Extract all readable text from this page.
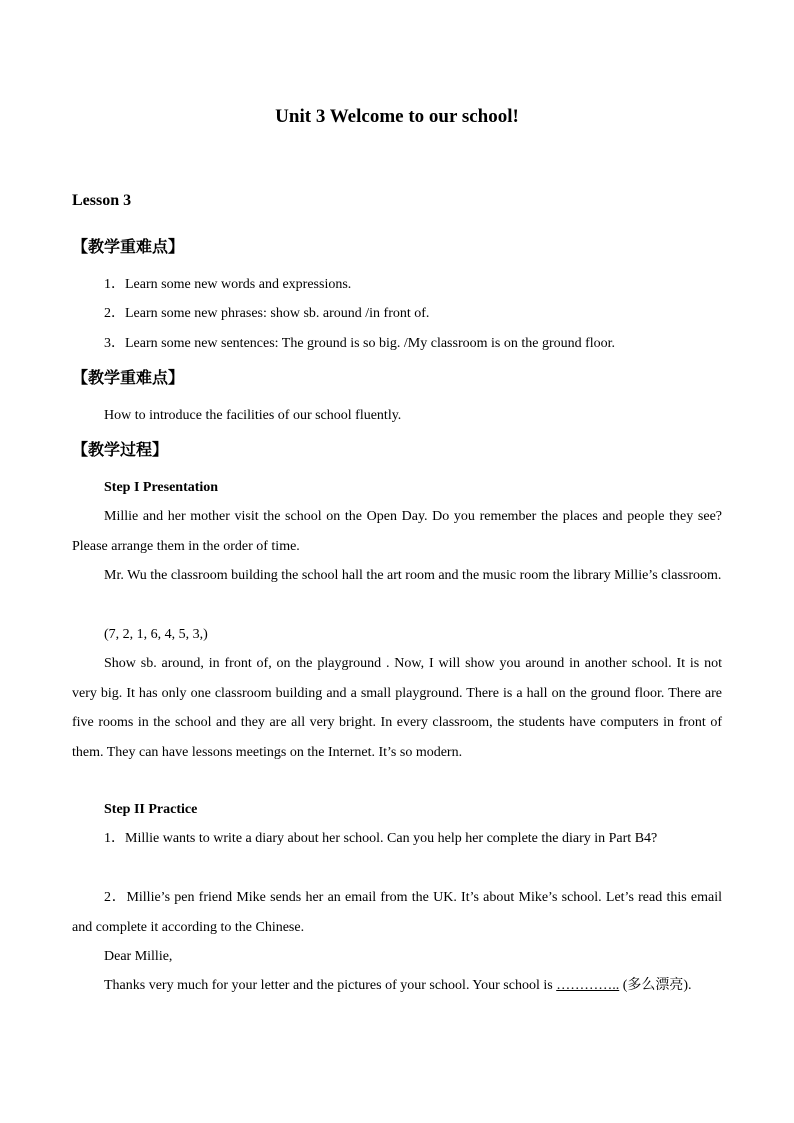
Unit 3 Welcome to our school!
Lesson 3
【教学重难点】
1．Learn some new words and expressions.
2．Learn some new phrases: show sb. around /in front of.
3．Learn some new sentences: The ground is so big. /My classroom is on the ground floor.
【教学重难点】
How to introduce the facilities of our school fluently.
【教学过程】
Step I Presentation
Millie and her mother visit the school on the Open Day. Do you remember the places and people they see? Please arrange them in the order of time.
Mr. Wu the classroom building the school hall the art room and the music room the library Millie’s classroom.
(7, 2, 1, 6, 4, 5, 3,)
Show sb. around, in front of, on the playground . Now, I will show you around in another school. It is not very big. It has only one classroom building and a small playground. There is a hall on the ground floor. There are five rooms in the school and they are all very bright. In every classroom, the students have computers in front of them. They can have lessons meetings on the Internet. It’s so modern.
Step II Practice
1．Millie wants to write a diary about her school. Can you help her complete the diary in Part B4?
2．Millie’s pen friend Mike sends her an email from the UK. It’s about Mike’s school. Let’s read this email and complete it according to the Chinese.
Dear Millie,
Thanks very much for your letter and the pictures of your school. Your school is ………….. (多么漂亮).
